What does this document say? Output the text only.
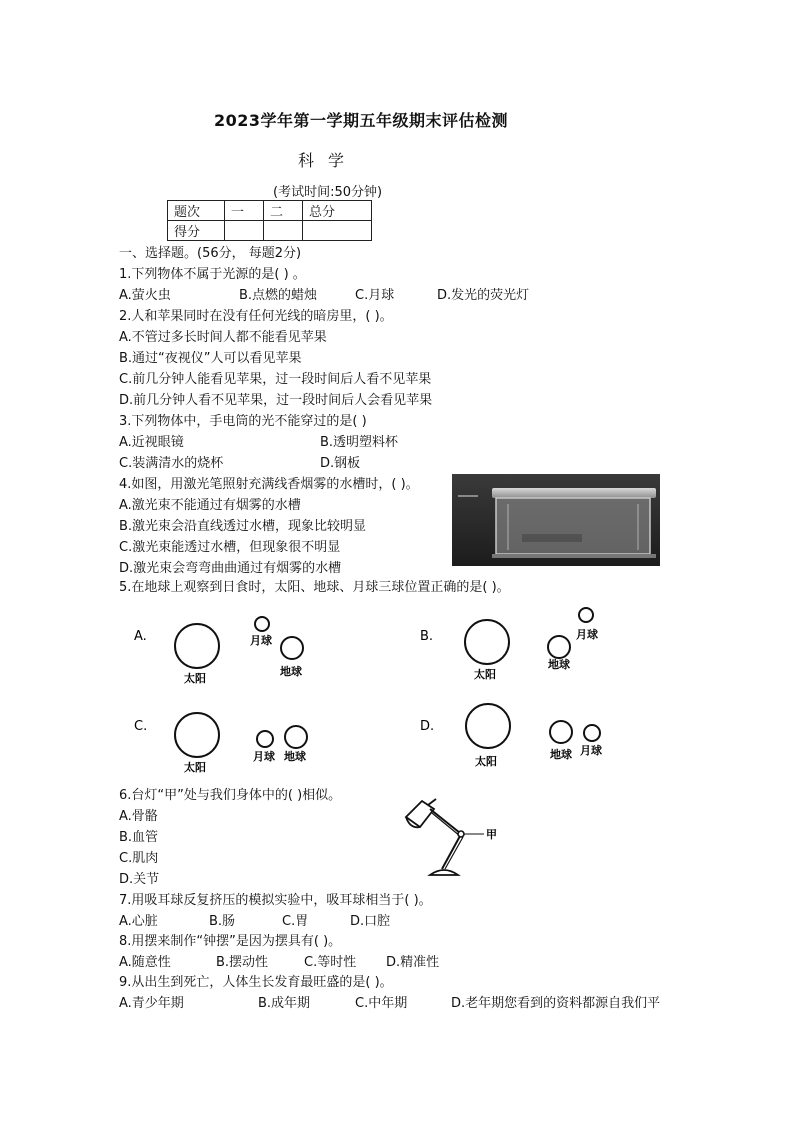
2023学年第一学期五年级期末评估检测
科学
(考试时间:50分钟)
题次	一	二	总分
得分			
一、选择题。(56分， 每题2分)
1.下列物体不属于光源的是( ) 。
A.萤火虫	B.点燃的蜡烛	C.月球	D.发光的荧光灯
2.人和苹果同时在没有任何光线的暗房里，( )。
A.不管过多长时间人都不能看见苹果
B.通过“夜视仪”人可以看见苹果
C.前几分钟人能看见苹果，过一段时间后人看不见苹果
D.前几分钟人看不见苹果，过一段时间后人会看见苹果
3.下列物体中，手电筒的光不能穿过的是( )
A.近视眼镜	B.透明塑料杯
C.装满清水的烧杯	D.钢板
4.如图，用激光笔照射充满线香烟雾的水槽时，( )。
A.激光束不能通过有烟雾的水槽
B.激光束会沿直线透过水槽，现象比较明显
C.激光束能透过水槽，但现象很不明显
D.激光束会弯弯曲曲通过有烟雾的水槽
5.在地球上观察到日食时，太阳、地球、月球三球位置正确的是( )。
A.
太阳
月球
地球
B.
太阳
地球
月球
C.
太阳
月球 地球
D.
太阳
地球 月球
6.台灯“甲”处与我们身体中的( )相似。
A.骨骼
B.血管
C.肌肉
D.关节
甲
7.用吸耳球反复挤压的模拟实验中，吸耳球相当于( )。
A.心脏	B.肠	C.胃	D.口腔
8.用摆来制作“钟摆”是因为摆具有( )。
A.随意性	B.摆动性	C.等时性 D.精准性
9.从出生到死亡，人体生长发育最旺盛的是( )。
A.青少年期	B.成年期	C.中年期	D.老年期您看到的资料都源自我们平
